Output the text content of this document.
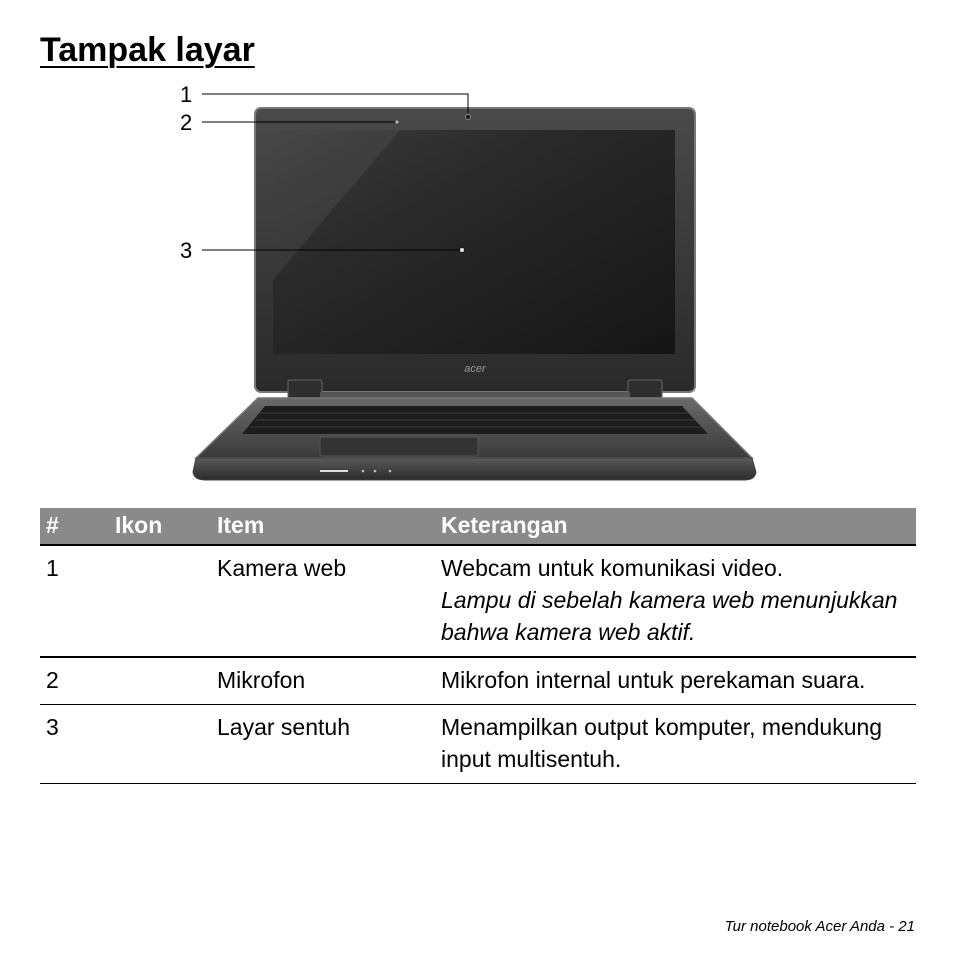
Tampak layar
acer
1
2
3
#	Ikon	Item	Keterangan
1		Kamera web	Webcam untuk komunikasi video.
Lampu di sebelah kamera web menunjukkan bahwa kamera web aktif.

2		Mikrofon	Mikrofon internal untuk perekaman suara.
3		Layar sentuh	Menampilkan output komputer, mendukung input multisentuh.
Tur notebook Acer Anda - 21
